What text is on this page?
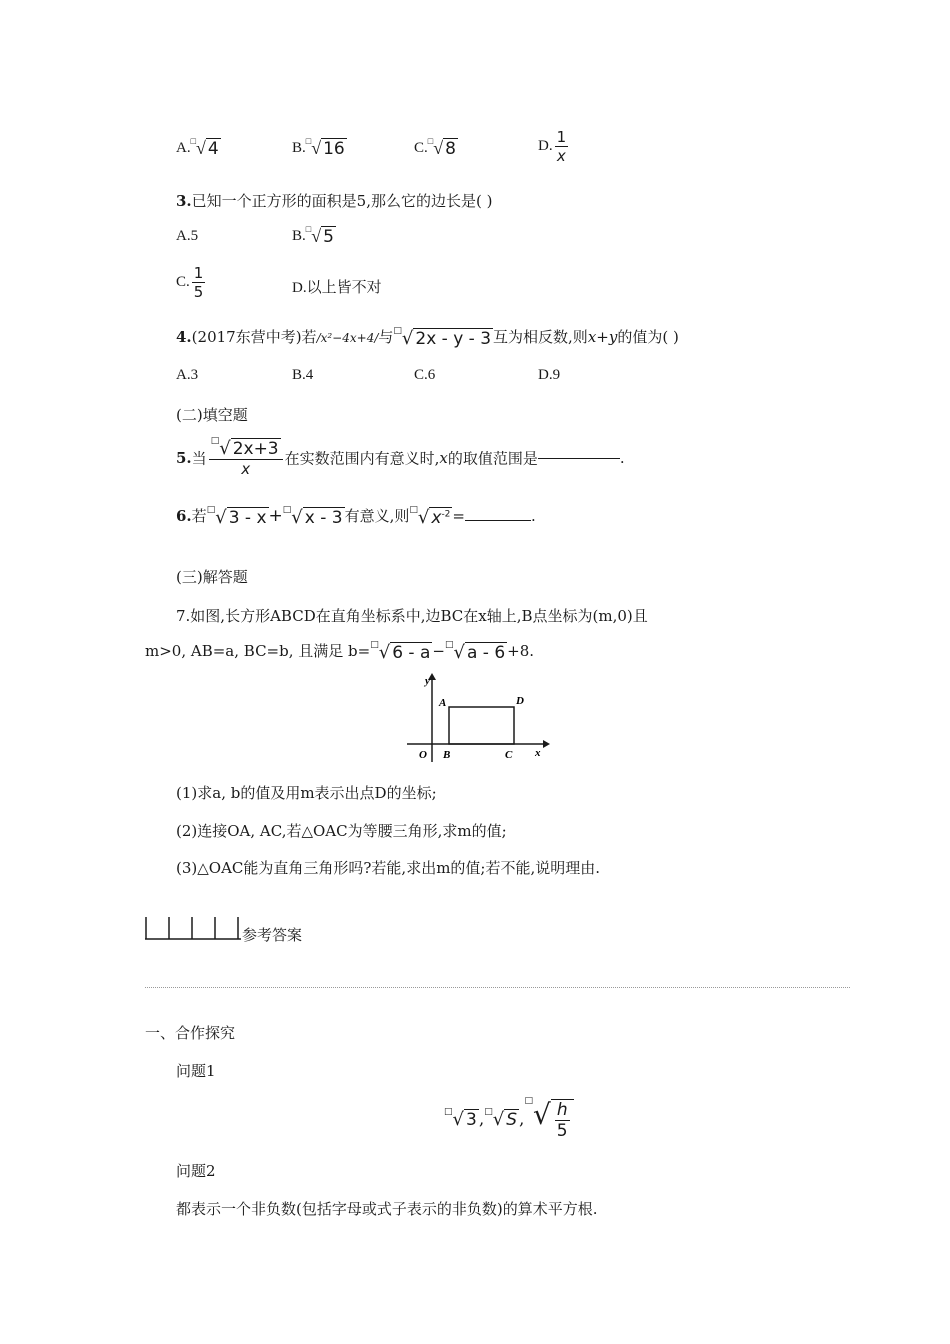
A.□√ 4	B.□√ 16	C.□√ 8	D. $\frac{1}{x}$
3.已知一个正方形的面积是5,那么它的边长是( )
A.5	B.□√ 5
C. $\frac{1}{5}$	D.以上皆不对
4.(2017东营中考)若/x²−4x+4/与□√ 2x - y - 3 互为相反数,则x+y的值为( )
A.3	B.4	C.6	D.9
(二)填空题
5.当 $\frac{^□√ 2x+3}{x}$ 在实数范围内有意义时,x的取值范围是	.
6.若□√ 3 - x +□√ x - 3 有意义,则□√ $x^{-2}$ =	.
(三)解答题
7.如图,长方形ABCD在直角坐标系中,边BC在x轴上,B点坐标为(m,0)且
m>0, AB=a, BC=b, 且满足 b=□√ 6 - a −□√ a - 6 +8.
y
x
O
A
B	C
D
(1)求a, b的值及用m表示出点D的坐标;
(2)连接OA, AC,若△OAC为等腰三角形,求m的值;
(3)△OAC能为直角三角形吗?若能,求出m的值;若不能,说明理由.
参考答案
一、合作探究
问题1
□√ 3 ,□√ S $,^□√ \frac{h}{5}$
问题2
都表示一个非负数(包括字母或式子表示的非负数)的算术平方根.
